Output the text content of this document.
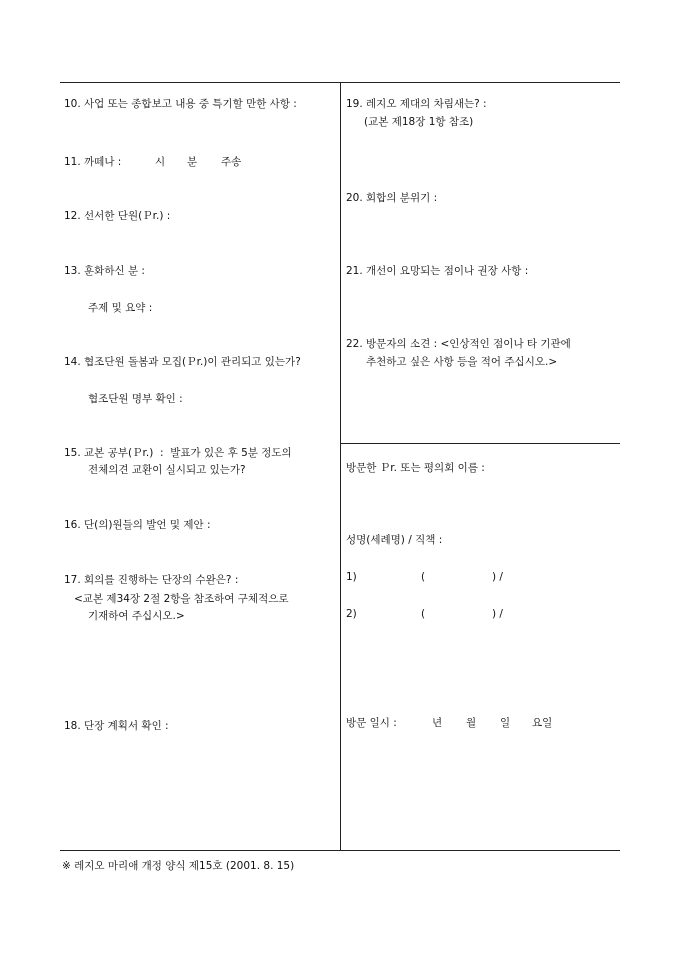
10. 사업 또는 종합보고 내용 중 특기할 만한 사항 :
11. 까떼나 :	시 분 주송
12. 선서한 단원(Ｐr.) :
13. 훈화하신 분 :
주제 및 요약 :
14. 협조단원 돌봄과 모집(Ｐr.)이 관리되고 있는가?
협조단원 명부 확인 :
15. 교본 공부(Ｐr.)  :  발표가 있은 후 5분 정도의
전체의견 교환이 실시되고 있는가?
16. 단(의)원들의 발언 및 제안 :
17. 회의를 진행하는 단장의 수완은? :
<교본 제34장 2절 2항을 참조하여 구체적으로
기재하여 주십시오.>
18. 단장 계획서 확인 :
19. 레지오 제대의 차림새는? :
(교본 제18장 1항 참조)
20. 회합의 분위기 :
21. 개선이 요망되는 점이나 권장 사항 :
22. 방문자의 소견 : <인상적인 점이나 타 기관에
추천하고 싶은 사항 등을 적어 주십시오.>
방문한 Ｐr. 또는 평의회 이름 :
성명(세례명) / 직책 :
1)	(	) /
2)	(	) /
방문 일시 :	년 월 일 요일
※ 레지오 마리애 개정 양식 제15호 (2001. 8. 15)
